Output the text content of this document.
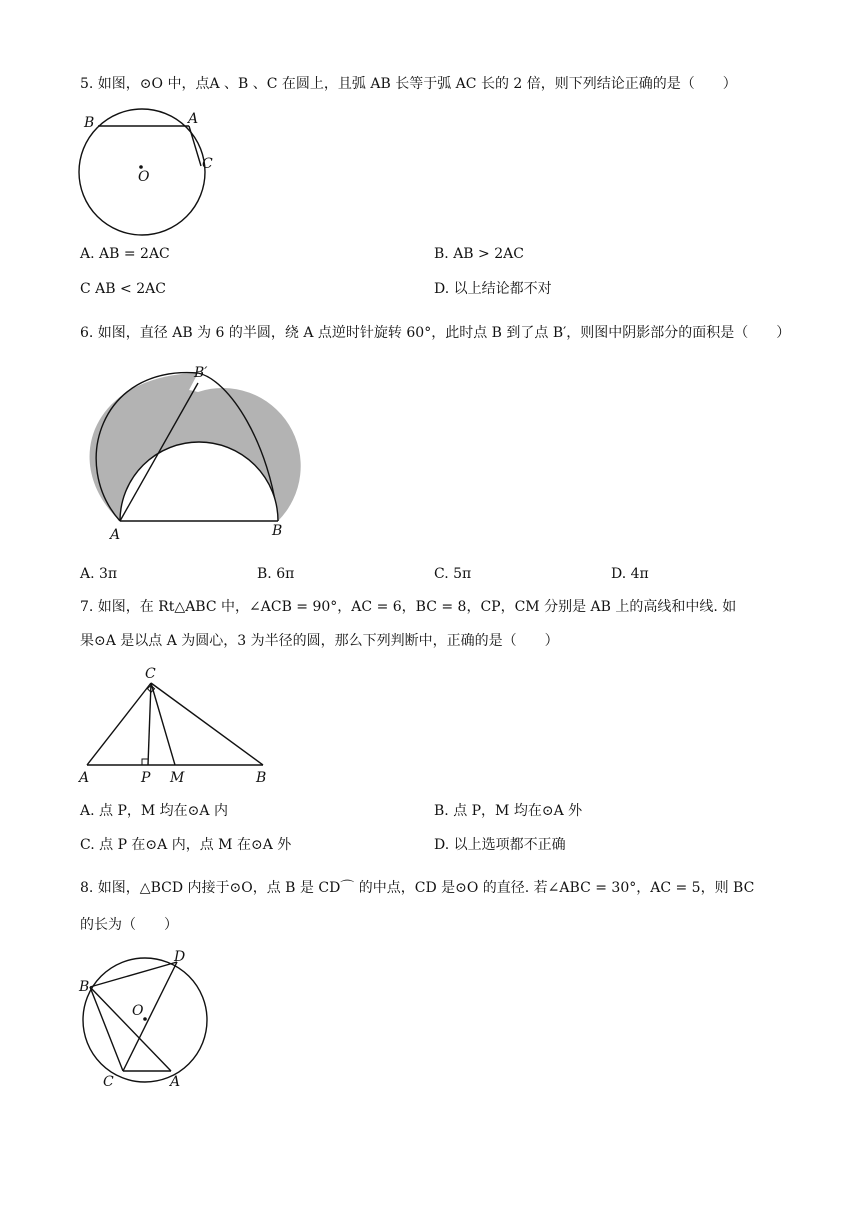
5. 如图，⊙O 中，点A 、B 、C 在圆上，且弧 AB 长等于弧 AC 长的 2 倍，则下列结论正确的是（　　）
B	A
C
O
A. AB = 2AC	B. AB > 2AC
C AB < 2AC	D. 以上结论都不对
6. 如图，直径 AB 为 6 的半圆，绕 A 点逆时针旋转 60°，此时点 B 到了点 B′，则图中阴影部分的面积是（　　）
B′
A	B
A. 3π	B. 6π	C. 5π	D. 4π
7. 如图，在 Rt△ABC 中，∠ACB = 90°，AC = 6，BC = 8，CP，CM 分别是 AB 上的高线和中线. 如
果⊙A 是以点 A 为圆心，3 为半径的圆，那么下列判断中，正确的是（　　）
C
A	P M	B
A. 点 P，M 均在⊙A 内	B. 点 P，M 均在⊙A 外
C. 点 P 在⊙A 内，点 M 在⊙A 外	D. 以上选项都不正确
8. 如图，△BCD 内接于⊙O，点 B 是 CD⌒ 的中点，CD 是⊙O 的直径. 若∠ABC = 30°，AC = 5，则 BC
的长为（　　）
D
B
O
C	A
